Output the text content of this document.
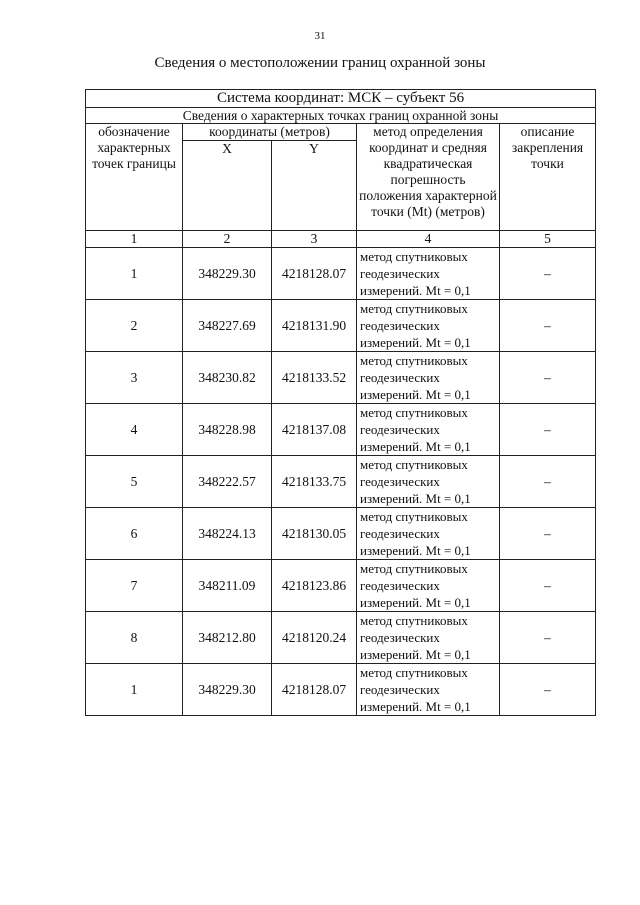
31
Сведения о местоположении границ охранной зоны
Система координат: МСК – субъект 56				
Сведения о характерных точках границ охранной зоны				
обозначение характерных точек границы	координаты (метров)		метод определения координат и средняя квадратическая погрешность положения характерной точки (Mt) (метров)	описание закрепления точки
	X	Y		
1	2	3	4	5
1	348229.30	4218128.07	метод спутниковых геодезических измерений. Mt = 0,1	–
2	348227.69	4218131.90	метод спутниковых геодезических измерений. Mt = 0,1	–
3	348230.82	4218133.52	метод спутниковых геодезических измерений. Mt = 0,1	–
4	348228.98	4218137.08	метод спутниковых геодезических измерений. Mt = 0,1	–
5	348222.57	4218133.75	метод спутниковых геодезических измерений. Mt = 0,1	–
6	348224.13	4218130.05	метод спутниковых геодезических измерений. Mt = 0,1	–
7	348211.09	4218123.86	метод спутниковых геодезических измерений. Mt = 0,1	–
8	348212.80	4218120.24	метод спутниковых геодезических измерений. Mt = 0,1	–
1	348229.30	4218128.07	метод спутниковых геодезических измерений. Mt = 0,1	–
